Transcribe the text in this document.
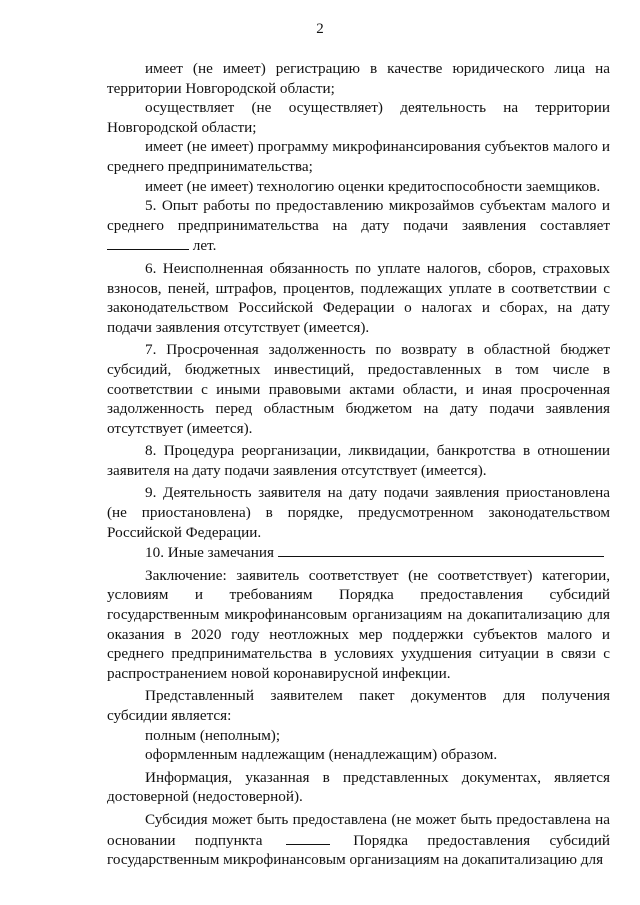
2

имеет (не имеет) регистрацию в качестве юридического лица на территории Новгородской области;

осуществляет (не осуществляет) деятельность на территории Новгородской области;

имеет (не имеет) программу микрофинансирования субъектов малого и среднего предпринимательства;

имеет (не имеет) технологию оценки кредитоспособности заемщиков.

5. Опыт работы по предоставлению микрозаймов субъектам малого и среднего предпринимательства на дату подачи заявления составляет  лет.

6. Неисполненная обязанность по уплате налогов, сборов, страховых взносов, пеней, штрафов, процентов, подлежащих уплате в соответствии с законодательством Российской Федерации о налогах и сборах, на дату подачи заявления отсутствует (имеется).

7. Просроченная задолженность по возврату в областной бюджет субсидий, бюджетных инвестиций, предоставленных в том числе в соответствии с иными правовыми актами области, и иная просроченная задолженность перед областным бюджетом на дату подачи заявления отсутствует (имеется).

8. Процедура реорганизации, ликвидации, банкротства в отношении заявителя на дату подачи заявления отсутствует (имеется).

9. Деятельность заявителя на дату подачи заявления приостановлена (не приостановлена) в порядке, предусмотренном законодательством Российской Федерации.

10. Иные замечания

Заключение: заявитель соответствует (не соответствует) категории, условиям и требованиям Порядка предоставления субсидий государственным микрофинансовым организациям на докапитализацию для оказания в 2020 году неотложных мер поддержки субъектов малого и среднего предпринимательства в условиях ухудшения ситуации в связи с распространением новой коронавирусной инфекции.

Представленный заявителем пакет документов для получения субсидии является:

полным (неполным);

оформленным надлежащим (ненадлежащим) образом.

Информация, указанная в представленных документах, является достоверной (недостоверной).

Субсидия может быть предоставлена (не может быть предоставлена на основании подпункта	Порядка предоставления субсидий государственным микрофинансовым организациям на докапитализацию для
